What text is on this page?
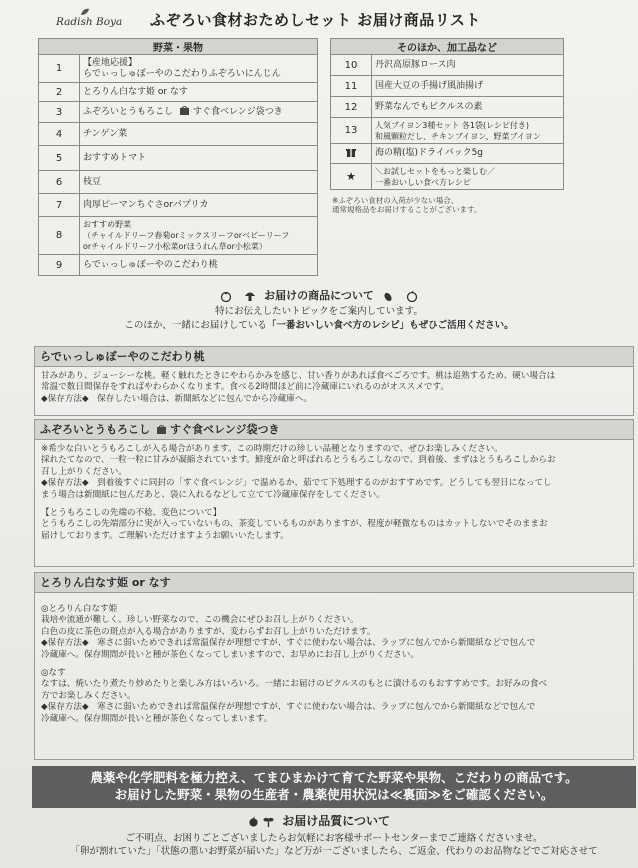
Radish Boya ふぞろい食材おためしセット お届け商品リスト
野菜・果物	
1	【産地応援】
らでぃっしゅぼーやのこだわりふぞろいにんじん

2	とろりん白なす姫 or なす
3	ふぞろいとうもろこし すぐ食ベレンジ袋つき
4	チンゲン菜
5	おすすめトマト
6	枝豆
7	肉厚ピーマンちぐさorパプリカ
8	おすすめ野菜
（チャイルドリーフ春菊orミックスリーフorベビーリーフ
orチャイルドリーフ小松菜orほうれん草or小松菜）

9	らでぃっしゅぼーやのこだわり桃
そのほか、加工品など	
10	丹沢高原豚ロース肉
11	国産大豆の手揚げ風油揚げ
12	野菜なんでもピクルスの素
13	人気ブイヨン3種セット 各1袋(レシピ付き)
和風顆粒だし、チキンブイヨン、野菜ブイヨン

	海の精(塩)ドライパック5g
★	＼お試しセットをもっと楽しむ／
一番おいしい食べ方レシピ
※ふぞろい食材の入荷が少ない場合、
通常規格品をお届けすることがございます。
お届けの商品について
特にお伝えしたいトピックをご案内しています。
このほか、一緒にお届けしている「一番おいしい食べ方のレシピ」もぜひご活用ください。
らでぃっしゅぼーやのこだわり桃

甘みがあり、ジューシーな桃。軽く触れたときにやわらかみを感じ、甘い香りがあれば食べごろです。桃は追熟するため、硬い場合は

常温で数日間保存をすればやわらかくなります。食べる2時間ほど前に冷蔵庫にいれるのがオススメです。

◆保存方法◆　保存したい場合は、新聞紙などに包んでから冷蔵庫へ。

ふぞろいとうもろこし すぐ食ベレンジ袋つき

※希少な白いとうもろこしが入る場合があります。この時期だけの珍しい品種となりますので、ぜひお楽しみください。

採れたてなので、一粒一粒に甘みが凝縮されています。鮮度が命と呼ばれるとうもろこしなので、到着後、まずはとうもろこしからお

召し上がりください。

◆保存方法◆　到着後すぐに同封の「すぐ食ベレンジ」で温めるか、茹でて下処理するのがおすすめです。どうしても翌日になってし

まう場合は新聞紙に包んだあと、袋に入れるなどして立てて冷蔵庫保存をしてください。

【とうもろこしの先端の不稔、変色について】

とうもろこしの先端部分に実が入っていないもの、茶変しているものがありますが、程度が軽微なものはカットしないでそのままお

届けしております。ご理解いただけますようお願いいたします。

とろりん白なす姫 or なす

◎とろりん白なす姫

栽培や流通が難しく、珍しい野菜なので、この機会にぜひお召し上がりください。

白色の皮に茶色の斑点が入る場合がありますが、変わらずお召し上がりいただけます。

◆保存方法◆　寒さに弱いためできれば常温保存が理想ですが、すぐに使わない場合は、ラップに包んでから新聞紙などで包んで

冷蔵庫へ。保存期間が長いと種が茶色くなってしまいますので、お早めにお召し上がりください。

◎なす

なすは、焼いたり煮たり炒めたりと楽しみ方はいろいろ。一緒にお届けのピクルスのもとに漬けるのもおすすめです。お好みの食べ

方でお楽しみください。

◆保存方法◆　寒さに弱いためできれば常温保存が理想ですが、すぐに使わない場合は、ラップに包んでから新聞紙などで包んで

冷蔵庫へ。保存期間が長いと種が茶色くなってしまいます。

農薬や化学肥料を極力控え、てまひまかけて育てた野菜や果物、こだわりの商品です。
お届けした野菜・果物の生産者・農薬使用状況は≪裏面≫をご確認ください。
お届け品質について
ご不明点、お困りごとございましたらお気軽にお客様サポートセンターまでご連絡くださいませ。
「卵が割れていた」「状態の悪いお野菜が届いた」など万が一ございましたら、ご返金、代わりのお品物などでご対応させて
